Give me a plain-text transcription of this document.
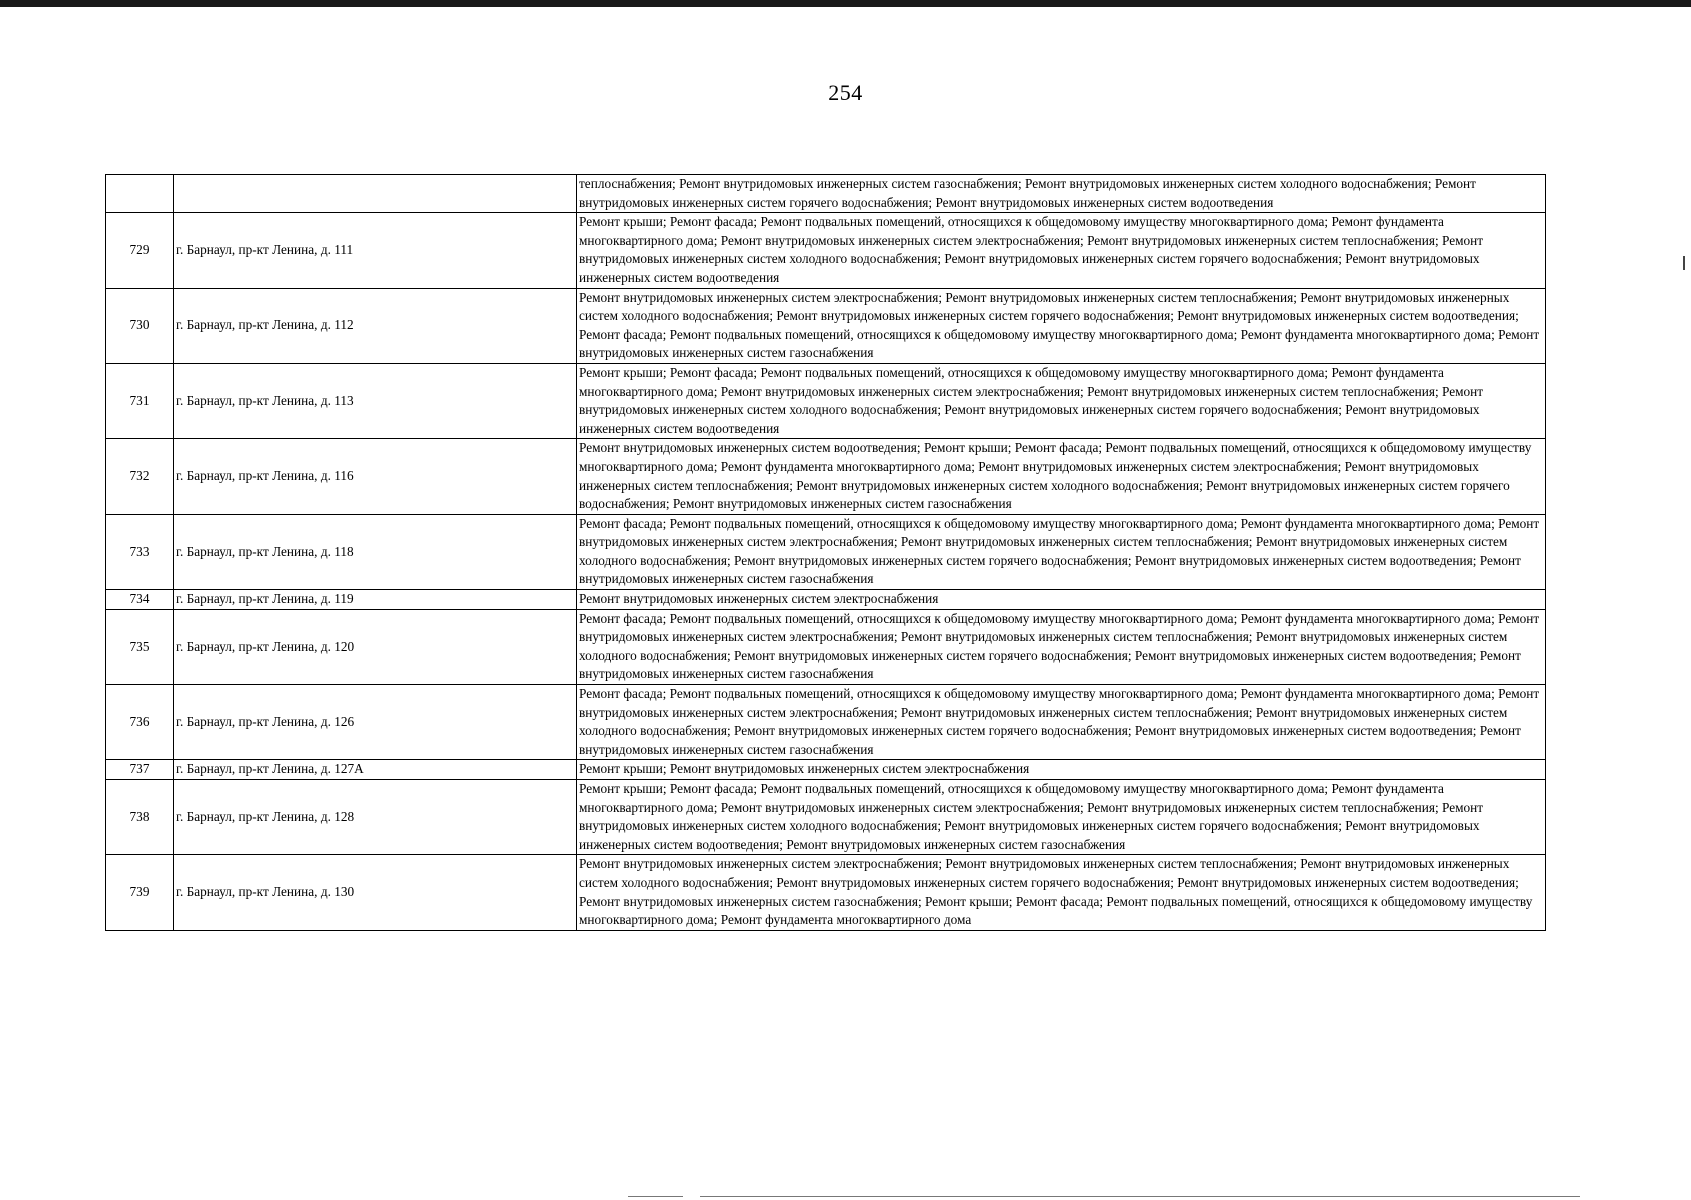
254
		теплоснабжения; Ремонт внутридомовых инженерных систем газоснабжения; Ремонт внутридомовых инженерных систем холодного водоснабжения; Ремонт внутридомовых инженерных систем горячего водоснабжения; Ремонт внутридомовых инженерных систем водоотведения
729	г. Барнаул, пр-кт Ленина, д. 111	Ремонт крыши; Ремонт фасада; Ремонт подвальных помещений, относящихся к общедомовому имуществу многоквартирного дома; Ремонт фундамента многоквартирного дома; Ремонт внутридомовых инженерных систем электроснабжения; Ремонт внутридомовых инженерных систем теплоснабжения; Ремонт внутридомовых инженерных систем холодного водоснабжения; Ремонт внутридомовых инженерных систем горячего водоснабжения; Ремонт внутридомовых инженерных систем водоотведения
730	г. Барнаул, пр-кт Ленина, д. 112	Ремонт внутридомовых инженерных систем электроснабжения; Ремонт внутридомовых инженерных систем теплоснабжения; Ремонт внутридомовых инженерных систем холодного водоснабжения; Ремонт внутридомовых инженерных систем горячего водоснабжения; Ремонт внутридомовых инженерных систем водоотведения; Ремонт фасада; Ремонт подвальных помещений, относящихся к общедомовому имуществу многоквартирного дома; Ремонт фундамента многоквартирного дома; Ремонт внутридомовых инженерных систем газоснабжения
731	г. Барнаул, пр-кт Ленина, д. 113	Ремонт крыши; Ремонт фасада; Ремонт подвальных помещений, относящихся к общедомовому имуществу многоквартирного дома; Ремонт фундамента многоквартирного дома; Ремонт внутридомовых инженерных систем электроснабжения; Ремонт внутридомовых инженерных систем теплоснабжения; Ремонт внутридомовых инженерных систем холодного водоснабжения; Ремонт внутридомовых инженерных систем горячего водоснабжения; Ремонт внутридомовых инженерных систем водоотведения
732	г. Барнаул, пр-кт Ленина, д. 116	Ремонт внутридомовых инженерных систем водоотведения; Ремонт крыши; Ремонт фасада; Ремонт подвальных помещений, относящихся к общедомовому имуществу многоквартирного дома; Ремонт фундамента многоквартирного дома; Ремонт внутридомовых инженерных систем электроснабжения; Ремонт внутридомовых инженерных систем теплоснабжения; Ремонт внутридомовых инженерных систем холодного водоснабжения; Ремонт внутридомовых инженерных систем горячего водоснабжения; Ремонт внутридомовых инженерных систем газоснабжения
733	г. Барнаул, пр-кт Ленина, д. 118	Ремонт фасада; Ремонт подвальных помещений, относящихся к общедомовому имуществу многоквартирного дома; Ремонт фундамента многоквартирного дома; Ремонт внутридомовых инженерных систем электроснабжения; Ремонт внутридомовых инженерных систем теплоснабжения; Ремонт внутридомовых инженерных систем холодного водоснабжения; Ремонт внутридомовых инженерных систем горячего водоснабжения; Ремонт внутридомовых инженерных систем водоотведения; Ремонт внутридомовых инженерных систем газоснабжения
734	г. Барнаул, пр-кт Ленина, д. 119	Ремонт внутридомовых инженерных систем электроснабжения
735	г. Барнаул, пр-кт Ленина, д. 120	Ремонт фасада; Ремонт подвальных помещений, относящихся к общедомовому имуществу многоквартирного дома; Ремонт фундамента многоквартирного дома; Ремонт внутридомовых инженерных систем электроснабжения; Ремонт внутридомовых инженерных систем теплоснабжения; Ремонт внутридомовых инженерных систем холодного водоснабжения; Ремонт внутридомовых инженерных систем горячего водоснабжения; Ремонт внутридомовых инженерных систем водоотведения; Ремонт внутридомовых инженерных систем газоснабжения
736	г. Барнаул, пр-кт Ленина, д. 126	Ремонт фасада; Ремонт подвальных помещений, относящихся к общедомовому имуществу многоквартирного дома; Ремонт фундамента многоквартирного дома; Ремонт внутридомовых инженерных систем электроснабжения; Ремонт внутридомовых инженерных систем теплоснабжения; Ремонт внутридомовых инженерных систем холодного водоснабжения; Ремонт внутридомовых инженерных систем горячего водоснабжения; Ремонт внутридомовых инженерных систем водоотведения; Ремонт внутридомовых инженерных систем газоснабжения
737	г. Барнаул, пр-кт Ленина, д. 127А	Ремонт крыши; Ремонт внутридомовых инженерных систем электроснабжения
738	г. Барнаул, пр-кт Ленина, д. 128	Ремонт крыши; Ремонт фасада; Ремонт подвальных помещений, относящихся к общедомовому имуществу многоквартирного дома; Ремонт фундамента многоквартирного дома; Ремонт внутридомовых инженерных систем электроснабжения; Ремонт внутридомовых инженерных систем теплоснабжения; Ремонт внутридомовых инженерных систем холодного водоснабжения; Ремонт внутридомовых инженерных систем горячего водоснабжения; Ремонт внутридомовых инженерных систем водоотведения; Ремонт внутридомовых инженерных систем газоснабжения
739	г. Барнаул, пр-кт Ленина, д. 130	Ремонт внутридомовых инженерных систем электроснабжения; Ремонт внутридомовых инженерных систем теплоснабжения; Ремонт внутридомовых инженерных систем холодного водоснабжения; Ремонт внутридомовых инженерных систем горячего водоснабжения; Ремонт внутридомовых инженерных систем водоотведения; Ремонт внутридомовых инженерных систем газоснабжения; Ремонт крыши; Ремонт фасада; Ремонт подвальных помещений, относящихся к общедомовому имуществу многоквартирного дома; Ремонт фундамента многоквартирного дома
